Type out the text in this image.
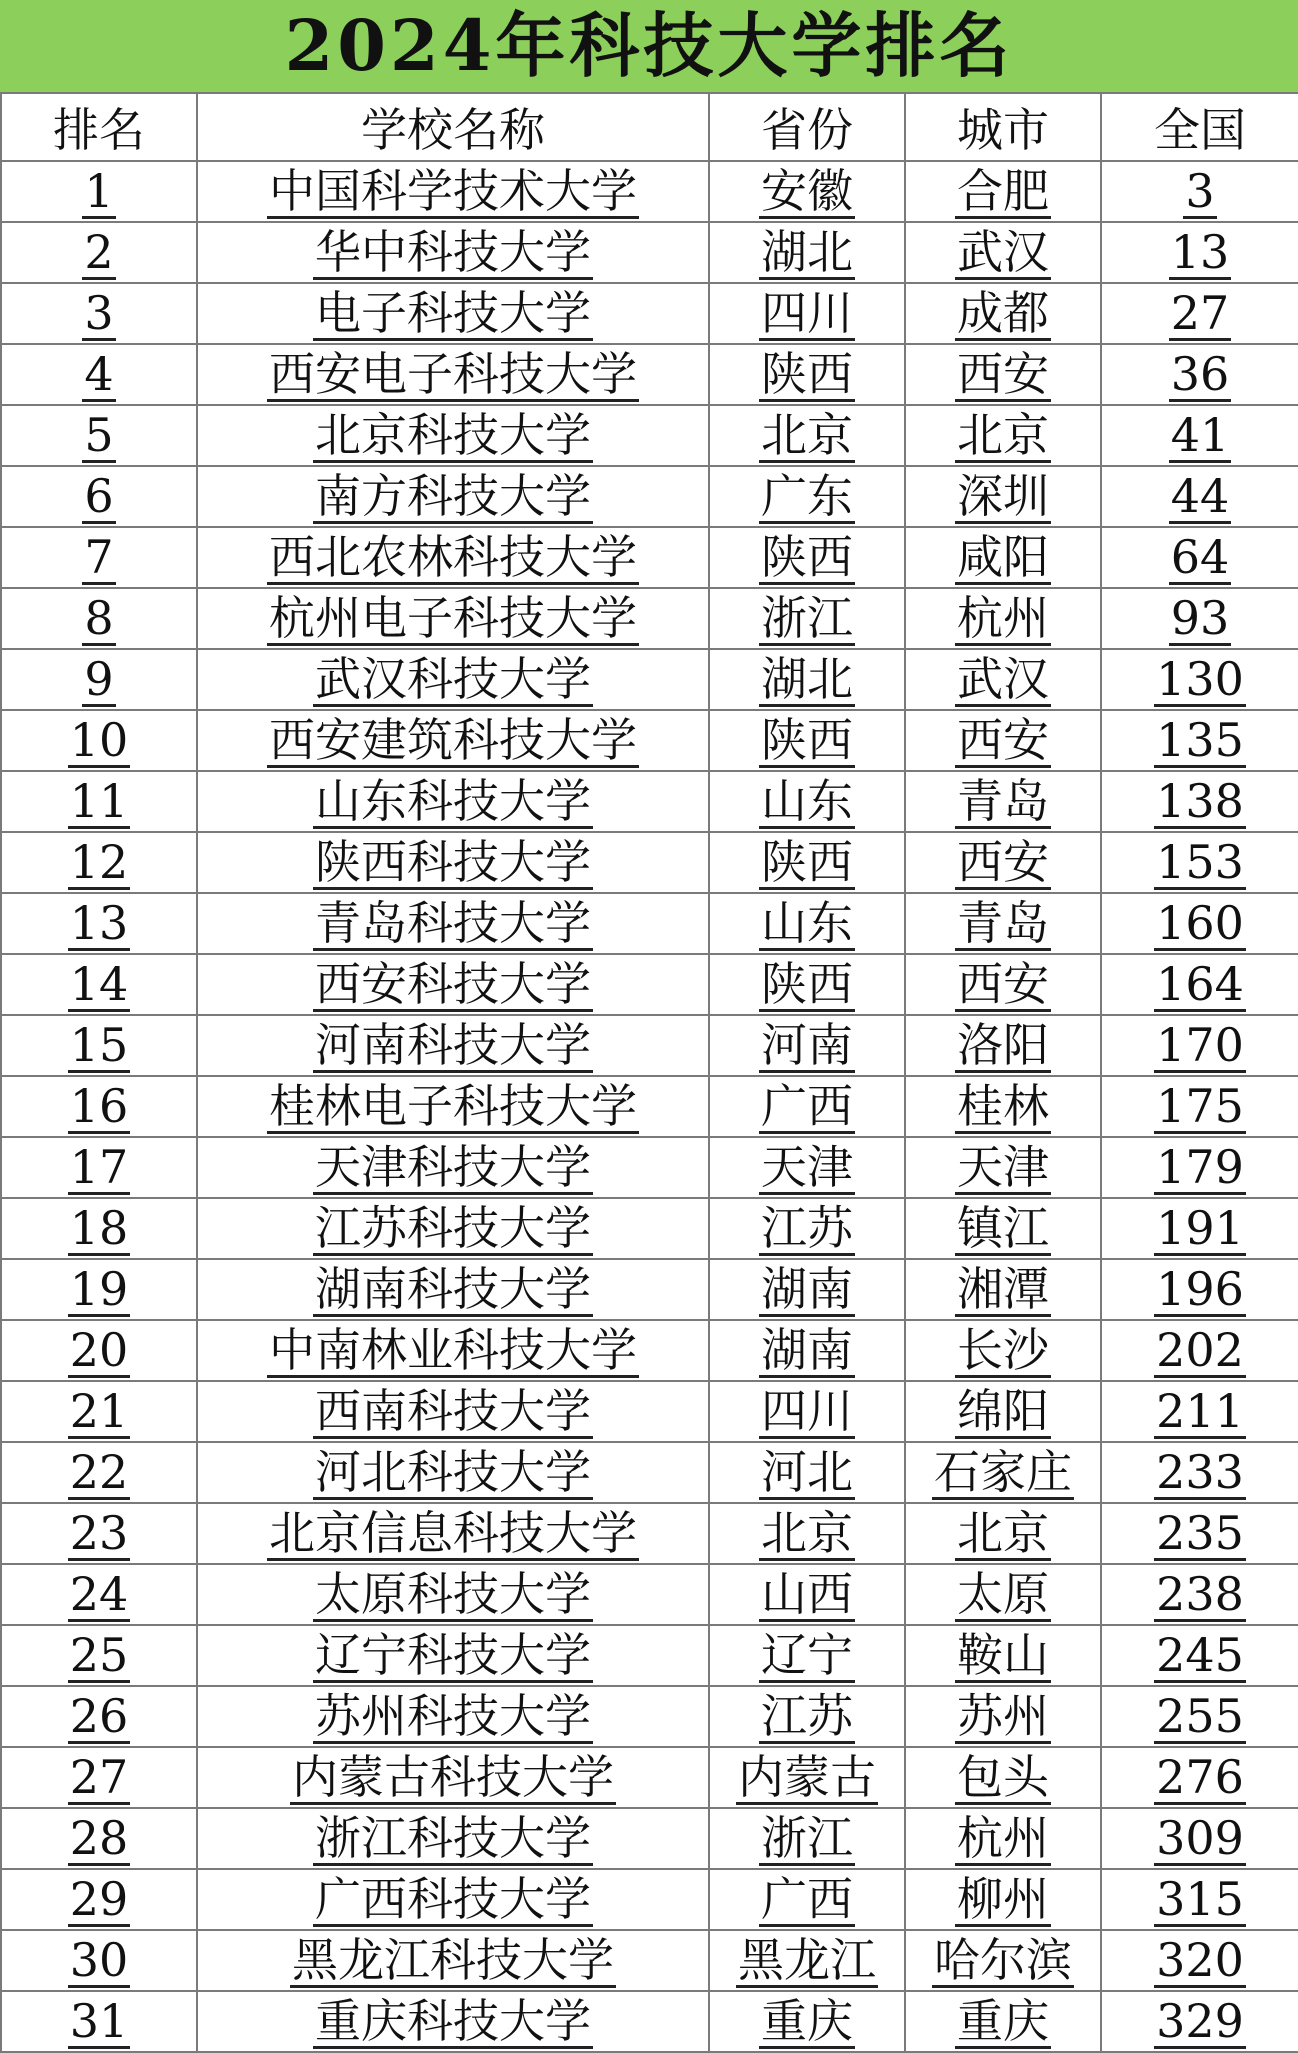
2024年科技大学排名
排名	学校名称	省份	城市	全国
1	中国科学技术大学	安徽	合肥	3
2	华中科技大学	湖北	武汉	13
3	电子科技大学	四川	成都	27
4	西安电子科技大学	陕西	西安	36
5	北京科技大学	北京	北京	41
6	南方科技大学	广东	深圳	44
7	西北农林科技大学	陕西	咸阳	64
8	杭州电子科技大学	浙江	杭州	93
9	武汉科技大学	湖北	武汉	130
10	西安建筑科技大学	陕西	西安	135
11	山东科技大学	山东	青岛	138
12	陕西科技大学	陕西	西安	153
13	青岛科技大学	山东	青岛	160
14	西安科技大学	陕西	西安	164
15	河南科技大学	河南	洛阳	170
16	桂林电子科技大学	广西	桂林	175
17	天津科技大学	天津	天津	179
18	江苏科技大学	江苏	镇江	191
19	湖南科技大学	湖南	湘潭	196
20	中南林业科技大学	湖南	长沙	202
21	西南科技大学	四川	绵阳	211
22	河北科技大学	河北	石家庄	233
23	北京信息科技大学	北京	北京	235
24	太原科技大学	山西	太原	238
25	辽宁科技大学	辽宁	鞍山	245
26	苏州科技大学	江苏	苏州	255
27	内蒙古科技大学	内蒙古	包头	276
28	浙江科技大学	浙江	杭州	309
29	广西科技大学	广西	柳州	315
30	黑龙江科技大学	黑龙江	哈尔滨	320
31	重庆科技大学	重庆	重庆	329
